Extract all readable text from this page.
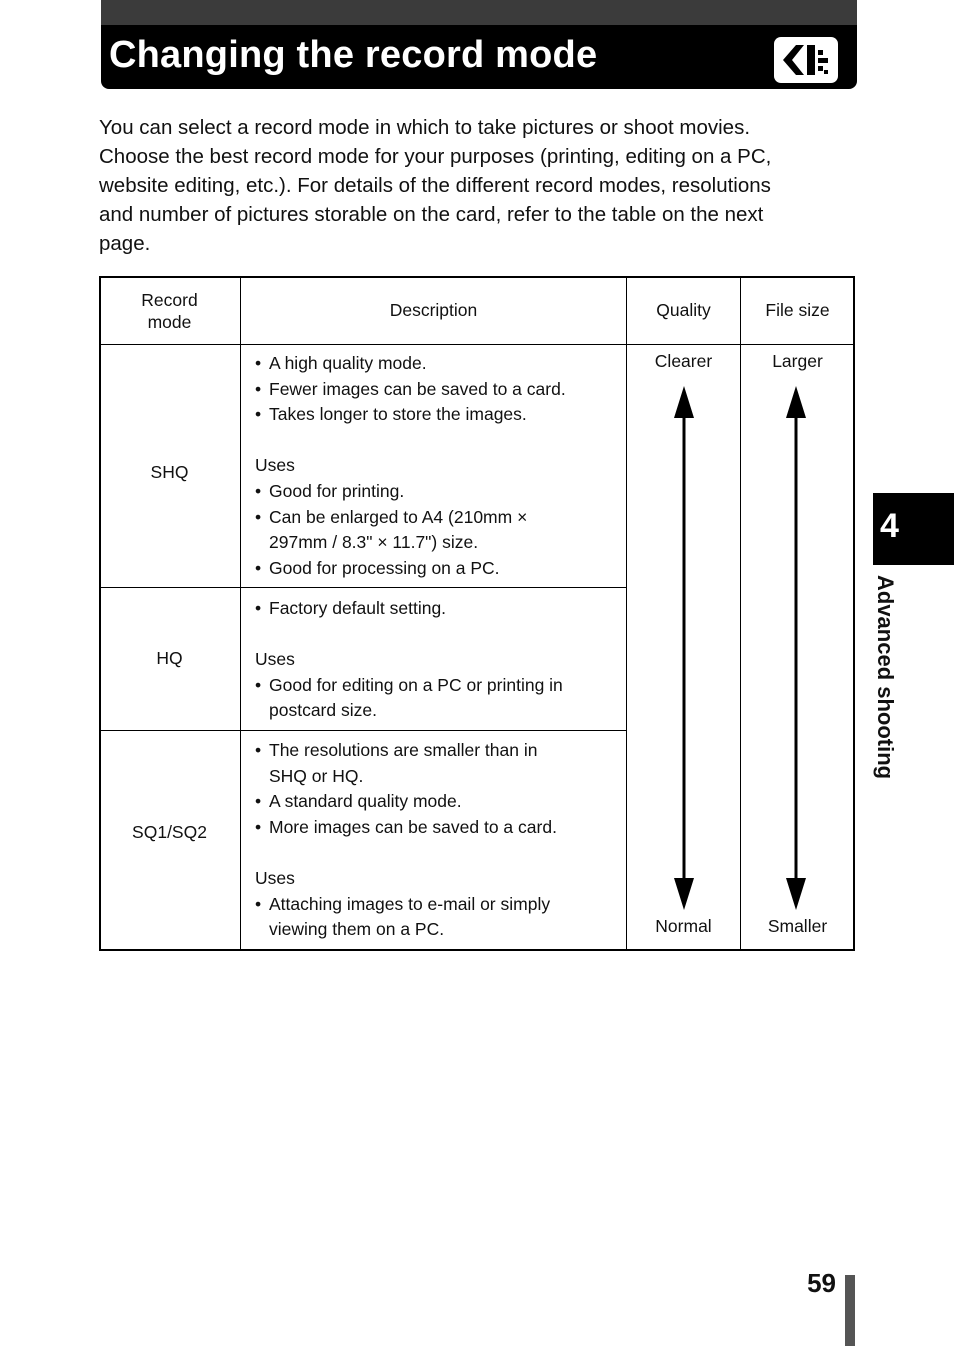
Changing the record mode

You can select a record mode in which to take pictures or shoot movies.

Choose the best record mode for your purposes (printing, editing on a PC,

website editing, etc.). For details of the different record modes, resolutions

and number of pictures storable on the card, refer to the table on the next

page.

Record
mode
Description	Quality	File size
SHQ
• A high quality mode.
• Fewer images can be saved to a card.
• Takes longer to store the images.
Uses
• Good for printing.
• Can be enlarged to A4 (210mm × 297mm / 8.3" × 11.7") size.
• Good for processing on a PC.
HQ
• Factory default setting.
Uses
• Good for editing on a PC or printing in postcard size.
SQ1/SQ2
• The resolutions are smaller than in SHQ or HQ.
• A standard quality mode.
• More images can be saved to a card.
Uses
• Attaching images to e-mail or simply viewing them on a PC.
Clearer
Normal
Larger
Smaller
4
Advanced shooting
59
